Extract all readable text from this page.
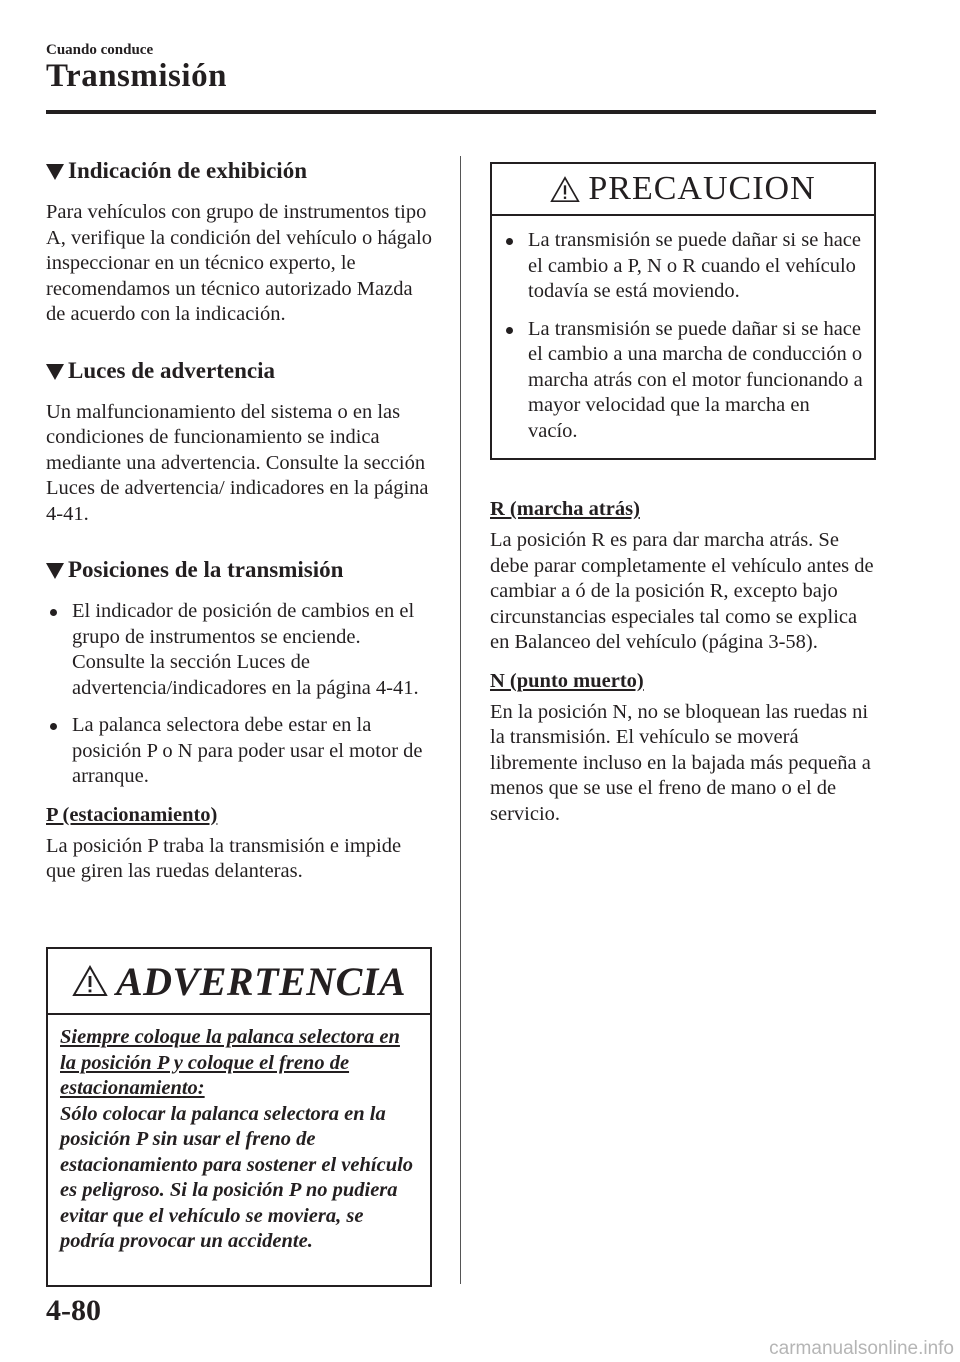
Cuando conduce
Transmisión
Indicación de exhibición

Para vehículos con grupo de instrumentos tipo A, verifique la condición del vehículo o hágalo inspeccionar en un técnico experto, le recomendamos un técnico autorizado Mazda de acuerdo con la indicación.

Luces de advertencia

Un malfuncionamiento del sistema o en las condiciones de funcionamiento se indica mediante una advertencia. Consulte la sección Luces de advertencia/ indicadores en la página 4-41.

Posiciones de la transmisión
El indicador de posición de cambios en el grupo de instrumentos se enciende. Consulte la sección Luces de advertencia/indicadores en la página 4-41.
La palanca selectora debe estar en la posición P o N para poder usar el motor de arranque.
P (estacionamiento)

La posición P traba la transmisión e impide que giren las ruedas delanteras.

ADVERTENCIA
Siempre coloque la palanca selectora en la posición P y coloque el freno de estacionamiento:
Sólo colocar la palanca selectora en la posición P sin usar el freno de estacionamiento para sostener el vehículo es peligroso. Si la posición P no pudiera evitar que el vehículo se moviera, se podría provocar un accidente.
PRECAUCION
La transmisión se puede dañar si se hace el cambio a P, N o R cuando el vehículo todavía se está moviendo.
La transmisión se puede dañar si se hace el cambio a una marcha de conducción o marcha atrás con el motor funcionando a mayor velocidad que la marcha en vacío.
R (marcha atrás)

La posición R es para dar marcha atrás. Se debe parar completamente el vehículo antes de cambiar a ó de la posición R, excepto bajo circunstancias especiales tal como se explica en Balanceo del vehículo (página 3-58).

N (punto muerto)

En la posición N, no se bloquean las ruedas ni la transmisión. El vehículo se moverá libremente incluso en la bajada más pequeña a menos que se use el freno de mano o el de servicio.

4-80
carmanualsonline.info
